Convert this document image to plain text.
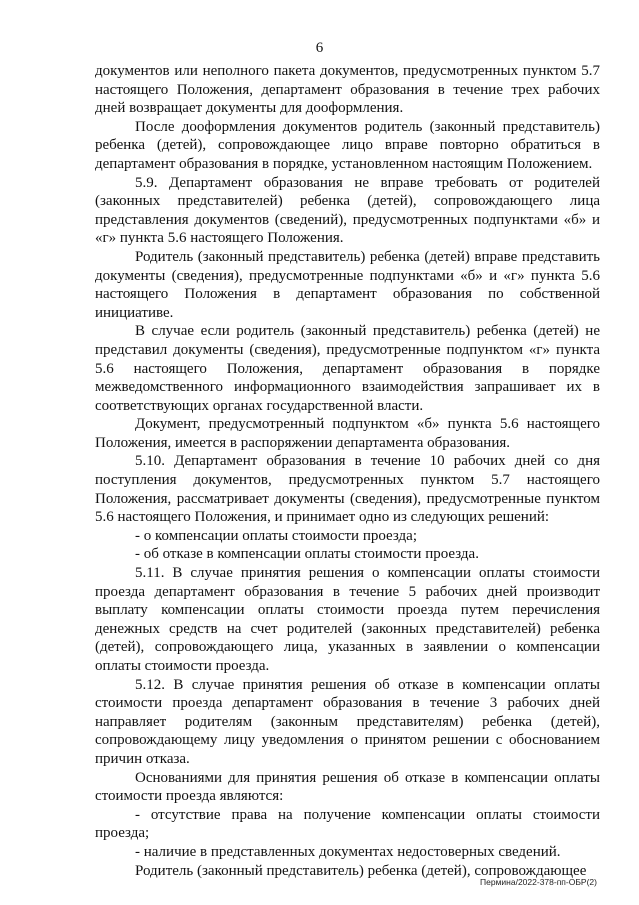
6

документов или неполного пакета документов, предусмотренных пунктом 5.7 настоящего Положения, департамент образования в течение трех рабочих дней возвращает документы для дооформления.

После дооформления документов родитель (законный представитель) ребенка (детей), сопровождающее лицо вправе повторно обратиться в департамент образования в порядке, установленном настоящим Положением.

5.9. Департамент образования не вправе требовать от родителей (законных представителей) ребенка (детей), сопровождающего лица представления документов (сведений), предусмотренных подпунктами «б» и «г» пункта 5.6 настоящего Положения.

Родитель (законный представитель) ребенка (детей) вправе представить документы (сведения), предусмотренные подпунктами «б» и «г» пункта 5.6 настоящего Положения в департамент образования по собственной инициативе.

В случае если родитель (законный представитель) ребенка (детей) не представил документы (сведения), предусмотренные подпунктом «г» пункта 5.6 настоящего Положения, департамент образования в порядке межведомственного информационного взаимодействия запрашивает их в соответствующих органах государственной власти.

Документ, предусмотренный подпунктом «б» пункта 5.6 настоящего Положения, имеется в распоряжении департамента образования.

5.10. Департамент образования в течение 10 рабочих дней со дня поступления документов, предусмотренных пунктом 5.7 настоящего Положения, рассматривает документы (сведения), предусмотренные пунктом 5.6 настоящего Положения, и принимает одно из следующих решений:

- о компенсации оплаты стоимости проезда;

- об отказе в компенсации оплаты стоимости проезда.

5.11. В случае принятия решения о компенсации оплаты стоимости проезда департамент образования в течение 5 рабочих дней производит выплату компенсации оплаты стоимости проезда путем перечисления денежных средств на счет родителей (законных представителей) ребенка (детей), сопровождающего лица, указанных в заявлении о компенсации оплаты стоимости проезда.

5.12. В случае принятия решения об отказе в компенсации оплаты стоимости проезда департамент образования в течение 3 рабочих дней направляет родителям (законным представителям) ребенка (детей), сопровождающему лицу уведомления о принятом решении с обоснованием причин отказа.

Основаниями для принятия решения об отказе в компенсации оплаты стоимости проезда являются:

- отсутствие права на получение компенсации оплаты стоимости проезда;

- наличие в представленных документах недостоверных сведений.

Родитель (законный представитель) ребенка (детей), сопровождающее

Пермина/2022-378-пп-ОБР(2)
